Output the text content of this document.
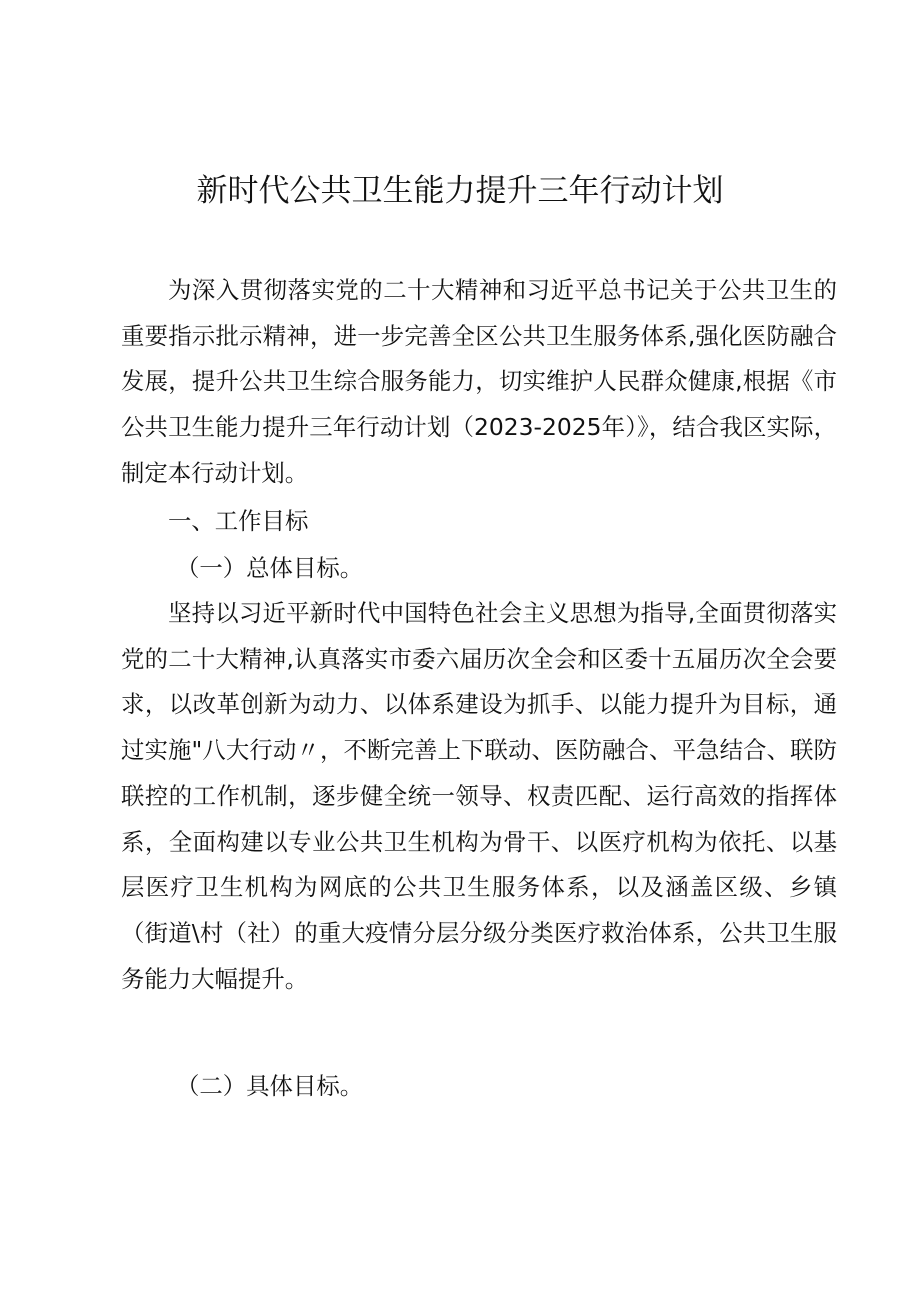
新时代公共卫生能力提升三年行动计划

为深入贯彻落实党的二十大精神和习近平总书记关于公共卫生的重要指示批示精神，进一步完善全区公共卫生服务体系,强化医防融合发展，提升公共卫生综合服务能力，切实维护人民群众健康,根据《市公共卫生能力提升三年行动计划（2023-2025年）》，结合我区实际，制定本行动计划。

一、工作目标

（一）总体目标。

坚持以习近平新时代中国特色社会主义思想为指导,全面贯彻落实党的二十大精神,认真落实市委六届历次全会和区委十五届历次全会要求，以改革创新为动力、以体系建设为抓手、以能力提升为目标，通过实施"八大行动〃，不断完善上下联动、医防融合、平急结合、联防联控的工作机制，逐步健全统一领导、权责匹配、运行高效的指挥体系，全面构建以专业公共卫生机构为骨干、以医疗机构为依托、以基层医疗卫生机构为网底的公共卫生服务体系，以及涵盖区级、乡镇（街道\村（社）的重大疫情分层分级分类医疗救治体系，公共卫生服务能力大幅提升。

（二）具体目标。
